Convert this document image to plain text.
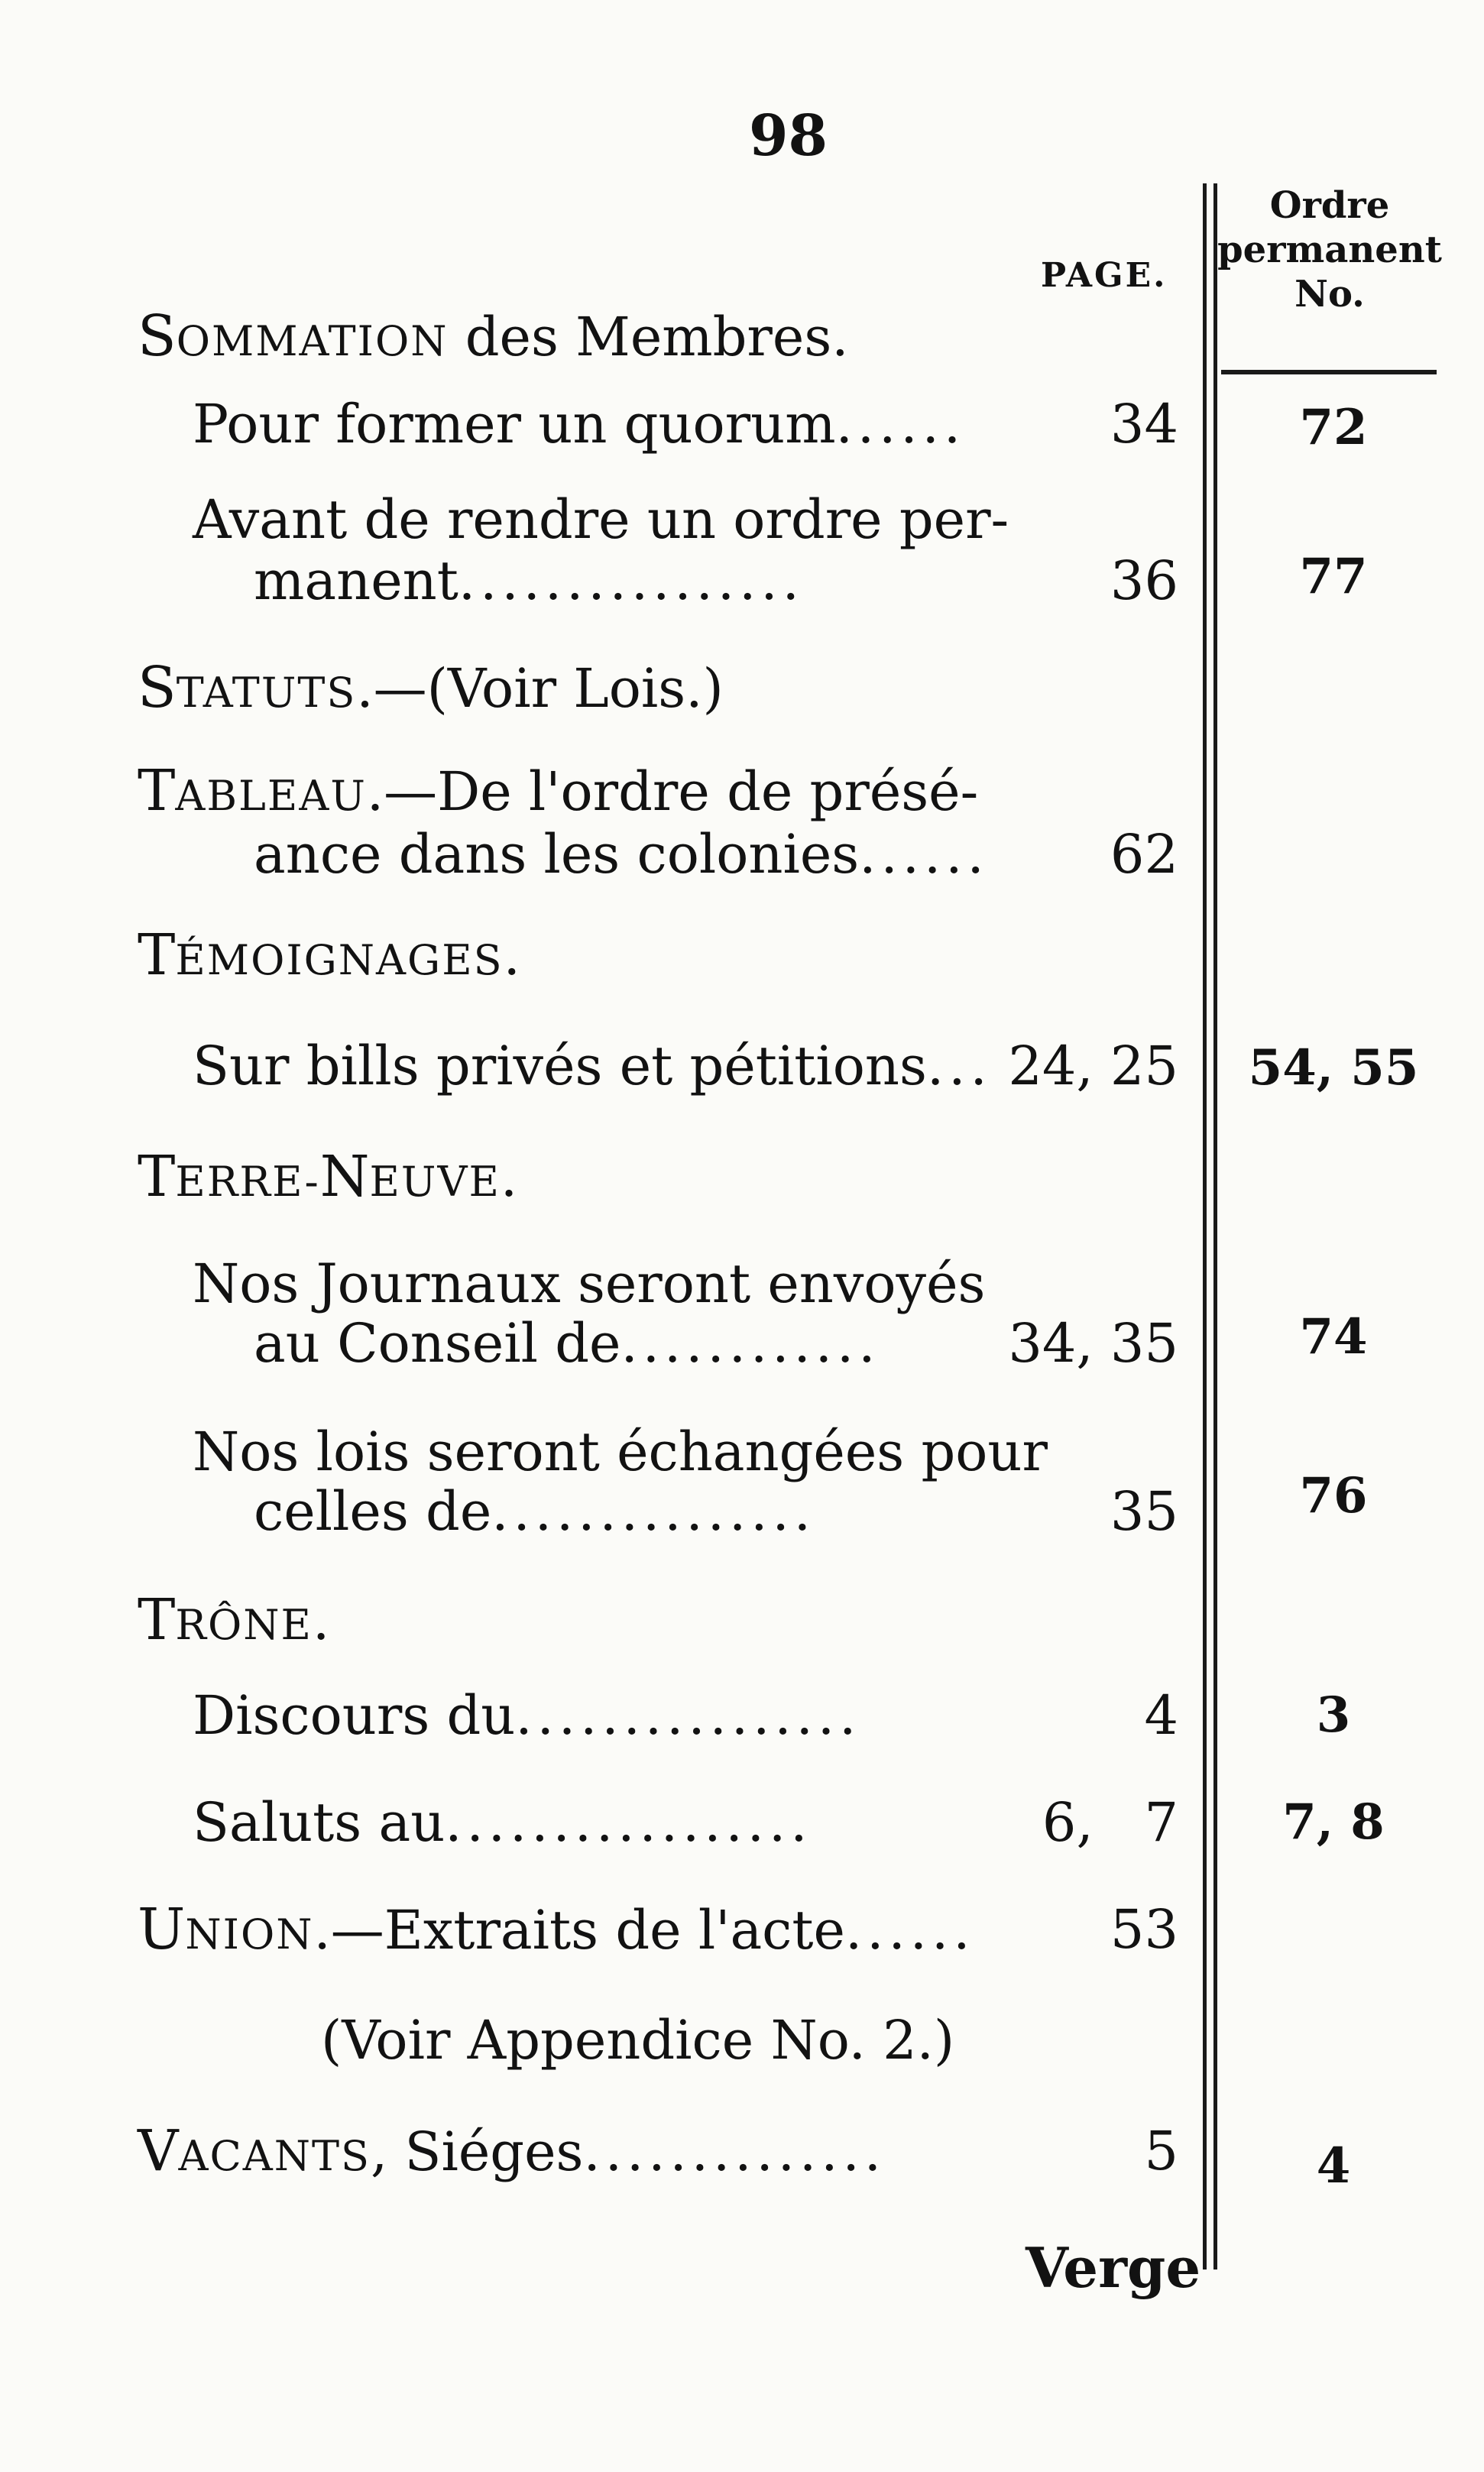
98
PAGE.
Ordre
permanent
No.
SOMMATION des Membres.
Pour former un quorum......	34	72
Avant de rendre un ordre per-
manent................	36	77
STATUTS.—(Voir Lois.)
TABLEAU.—De l'ordre de présé-
ance dans les colonies...... 62
TÉMOIGNAGES.
Sur bills privés et pétitions... 24, 25	54, 55
TERRE-NEUVE.
Nos Journaux seront envoyés
au Conseil de............ 34, 35	74
Nos lois seront échangées pour
celles de...............	35	76
TRÔNE.
Discours du................	4	3
Saluts au.................	6,   7	7, 8
UNION.—Extraits de l'acte......	53
(Voir Appendice No. 2.)
VACANTS, Siéges..............	5	4
Verge
